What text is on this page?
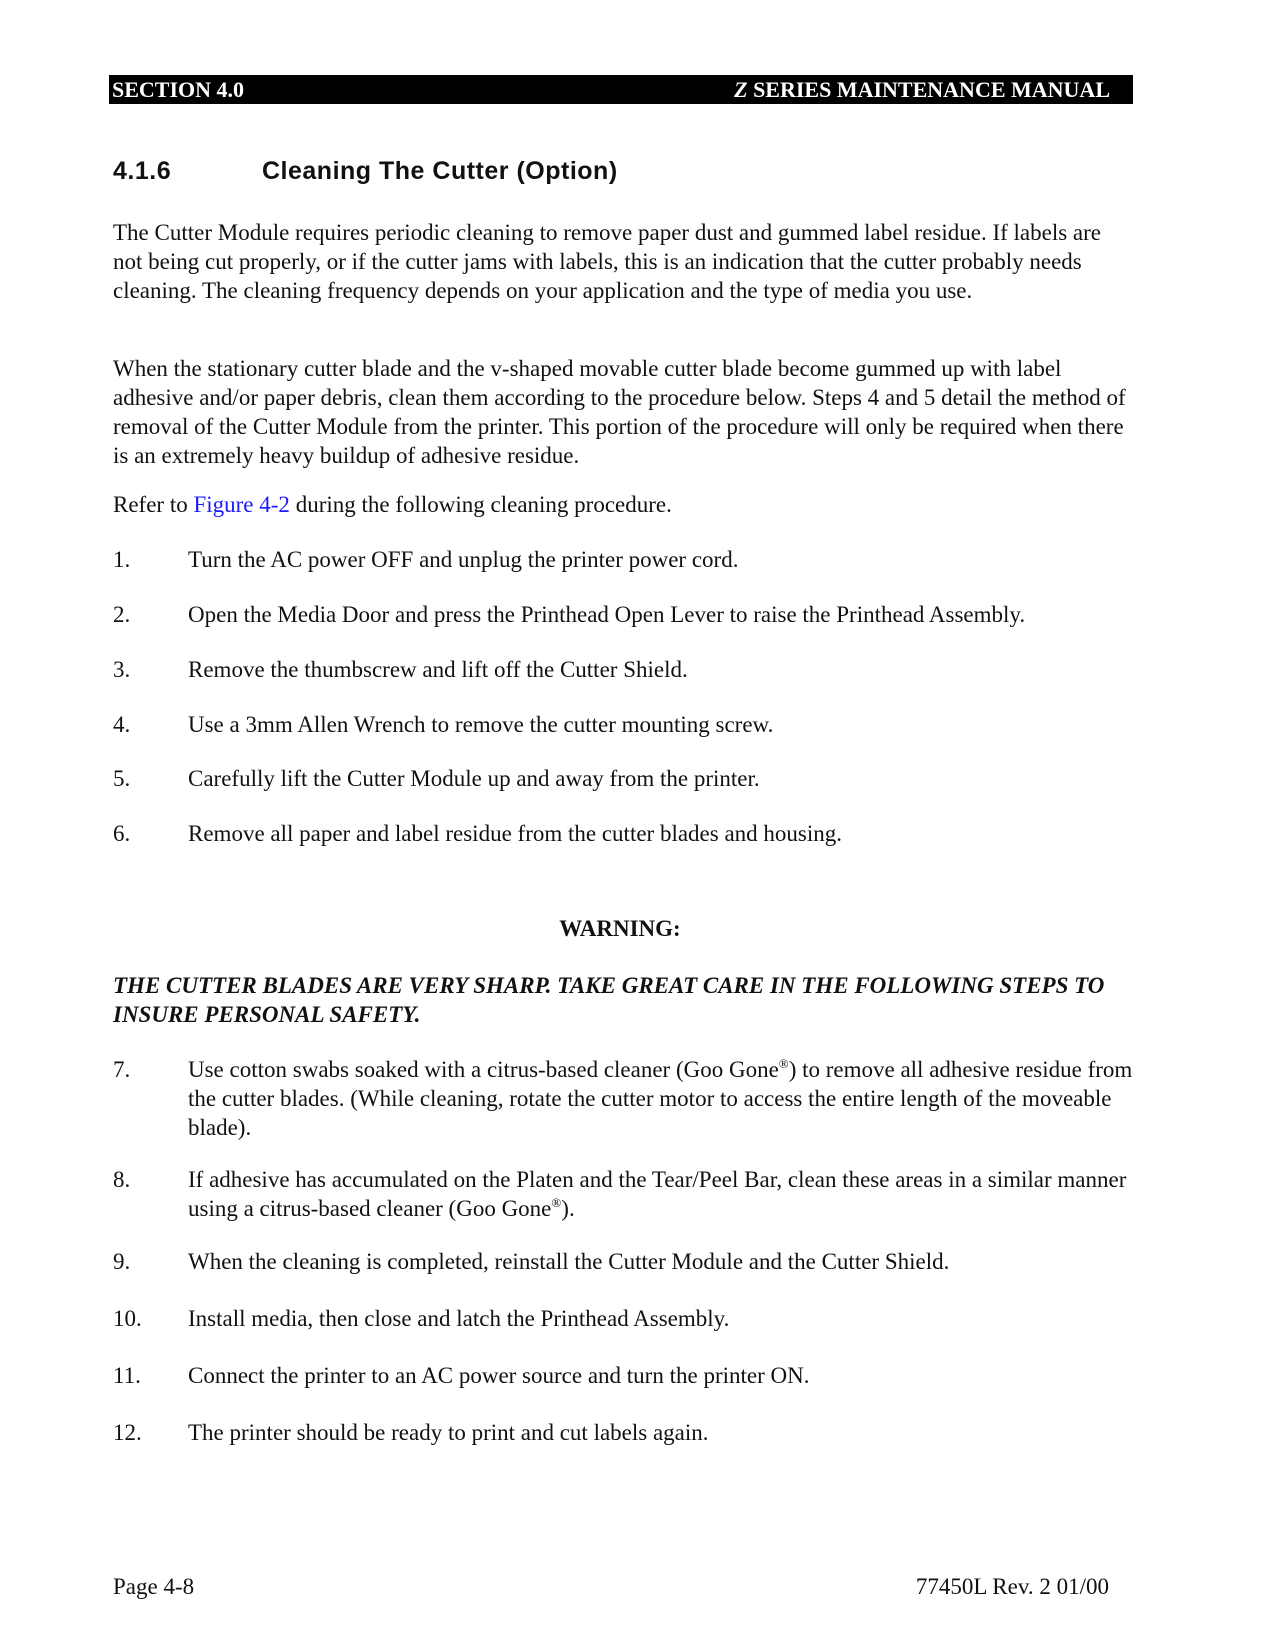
SECTION 4.0	Z SERIES MAINTENANCE MANUAL
4.1.6	Cleaning The Cutter (Option)
The Cutter Module requires periodic cleaning to remove paper dust and gummed label residue. If labels are not being cut properly, or if the cutter jams with labels, this is an indication that the cutter probably needs cleaning. The cleaning frequency depends on your application and the type of media you use.
When the stationary cutter blade and the v-shaped movable cutter blade become gummed up with label adhesive and/or paper debris, clean them according to the procedure below. Steps 4 and 5 detail the method of removal of the Cutter Module from the printer. This portion of the procedure will only be required when there is an extremely heavy buildup of adhesive residue.
Refer to Figure 4-2 during the following cleaning procedure.
1.	Turn the AC power OFF and unplug the printer power cord.
2.	Open the Media Door and press the Printhead Open Lever to raise the Printhead Assembly.
3.	Remove the thumbscrew and lift off the Cutter Shield.
4.	Use a 3mm Allen Wrench to remove the cutter mounting screw.
5.	Carefully lift the Cutter Module up and away from the printer.
6.	Remove all paper and label residue from the cutter blades and housing.
WARNING:
THE CUTTER BLADES ARE VERY SHARP. TAKE GREAT CARE IN THE FOLLOWING STEPS TO INSURE PERSONAL SAFETY.
7.	Use cotton swabs soaked with a citrus-based cleaner (Goo Gone®) to remove all adhesive residue from the cutter blades. (While cleaning, rotate the cutter motor to access the entire length of the moveable blade).
8.	If adhesive has accumulated on the Platen and the Tear/Peel Bar, clean these areas in a similar manner using a citrus-based cleaner (Goo Gone®).
9.	When the cleaning is completed, reinstall the Cutter Module and the Cutter Shield.
10. Install media, then close and latch the Printhead Assembly.
11. Connect the printer to an AC power source and turn the printer ON.
12. The printer should be ready to print and cut labels again.
Page 4-8	77450L Rev. 2 01/00
